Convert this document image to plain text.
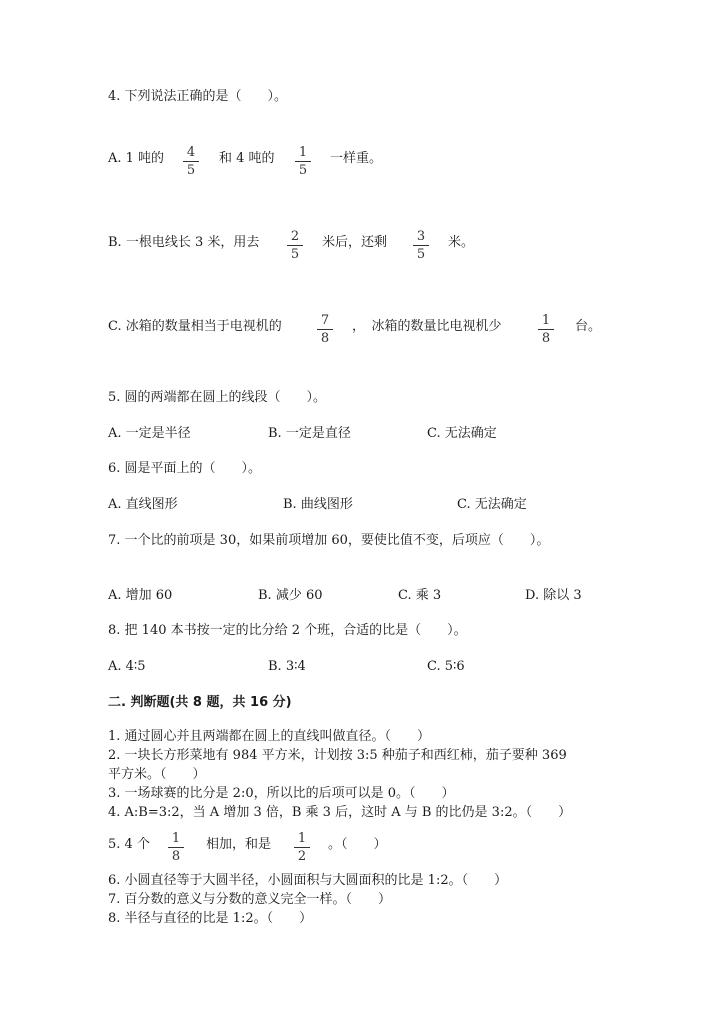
4. 下列说法正确的是（　　）。
A. 1 吨的 4
5
和 4 吨的 1
5
一样重。
B. 一根电线长 3 米，用去 2
5
米后，还剩 3
5
米。
C. 冰箱的数量相当于电视机的	7
8
，　冰箱的数量比电视机少	1
8
台。
5. 圆的两端都在圆上的线段（　　）。
A. 一定是半径	B. 一定是直径	C. 无法确定
6. 圆是平面上的（　　）。
A. 直线图形	B. 曲线图形	C. 无法确定
7. 一个比的前项是 30，如果前项增加 60，要使比值不变，后项应（　　）。
A. 增加 60	B. 减少 60	C. 乘 3	D. 除以 3
8. 把 140 本书按一定的比分给 2 个班，合适的比是（　　）。
A. 4∶5	B. 3∶4	C. 5∶6
二. 判断题(共 8 题，共 16 分)
1. 通过圆心并且两端都在圆上的直线叫做直径。（　　）
2. 一块长方形菜地有 984 平方米，计划按 3:5 种茄子和西红柿，茄子要种 369
平方米。（　　）
3. 一场球赛的比分是 2:0，所以比的后项可以是 0。（　　）
4. A:B=3:2，当 A 增加 3 倍，B 乘 3 后，这时 A 与 B 的比仍是 3:2。（　　）
5. 4 个 1
8
相加，和是 1
2
。（　　）
6. 小圆直径等于大圆半径，小圆面积与大圆面积的比是 1:2。（　　）
7. 百分数的意义与分数的意义完全一样。（　　）
8. 半径与直径的比是 1:2。（　　）
